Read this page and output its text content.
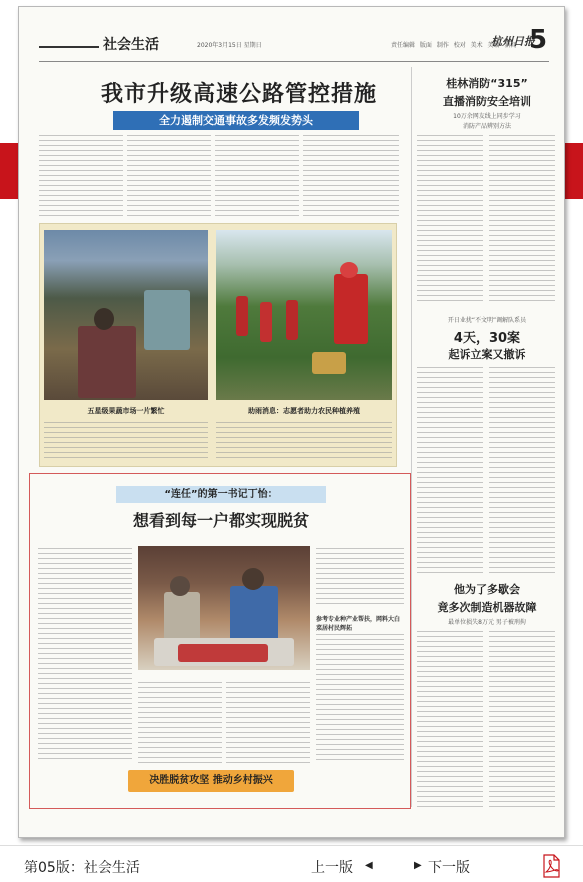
社会生活	2020年3月15日 星期日	责任编辑 版面 制作 校对 美术 美编 新闻
杭州日报
5
我市升级高速公路管控措施
全力遏制交通事故多发频发势头
五星级果蔬市场一片繁忙	助雨消息：志愿者助力农民种植养殖
“连任”的第一书记丁怡：
想看到每一户都实现脱贫
参考专业种产业帮扶，网料大白菜居村民辉拓
决胜脱贫攻坚 推动乡村振兴
桂林消防“315”
直播消防安全培训
10万余网友线上同步学习
消防产品辨别方法
开日业扰“不文明”调解队系员
4天，30案
起诉立案又撤诉
他为了多歇会
竟多次制造机器故障
最单位损失8万元 男子被刑拘
第05版：社会生活	上一版 ◀	▶ 下一版
